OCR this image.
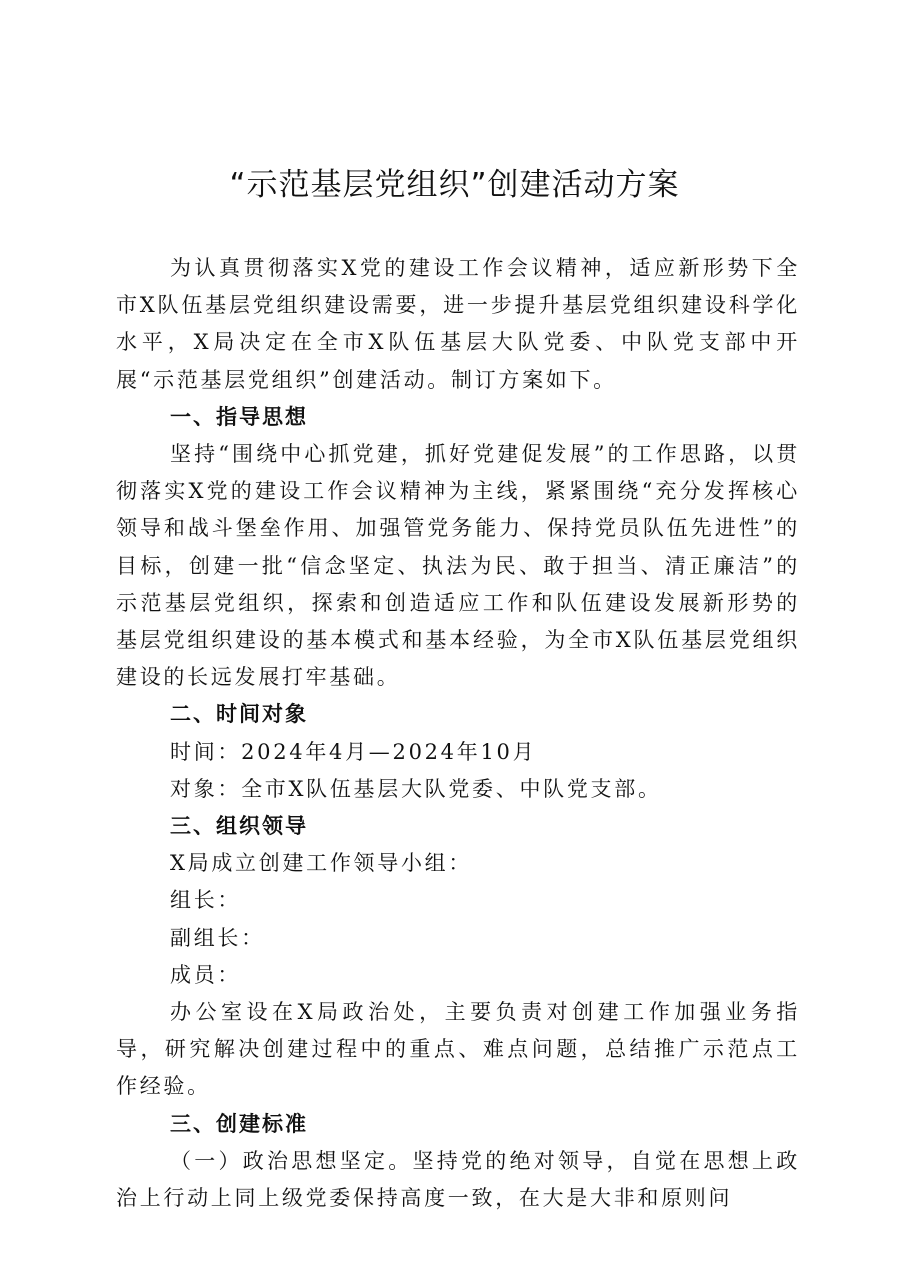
“示范基层党组织”创建活动方案

为认真贯彻落实X党的建设工作会议精神，适应新形势下全市X队伍基层党组织建设需要，进一步提升基层党组织建设科学化水平，X局决定在全市X队伍基层大队党委、中队党支部中开展“示范基层党组织”创建活动。制订方案如下。

一、指导思想

坚持“围绕中心抓党建，抓好党建促发展”的工作思路，以贯彻落实X党的建设工作会议精神为主线，紧紧围绕“充分发挥核心领导和战斗堡垒作用、加强管党务能力、保持党员队伍先进性”的目标，创建一批“信念坚定、执法为民、敢于担当、清正廉洁”的示范基层党组织，探索和创造适应工作和队伍建设发展新形势的基层党组织建设的基本模式和基本经验，为全市X队伍基层党组织建设的长远发展打牢基础。

二、时间对象

时间：2024年4月—2024年10月

对象：全市X队伍基层大队党委、中队党支部。

三、组织领导

X局成立创建工作领导小组：

组长：

副组长：

成员：

办公室设在X局政治处，主要负责对创建工作加强业务指导，研究解决创建过程中的重点、难点问题，总结推广示范点工作经验。

三、创建标准

（一）政治思想坚定。坚持党的绝对领导，自觉在思想上政治上行动上同上级党委保持高度一致，在大是大非和原则问
